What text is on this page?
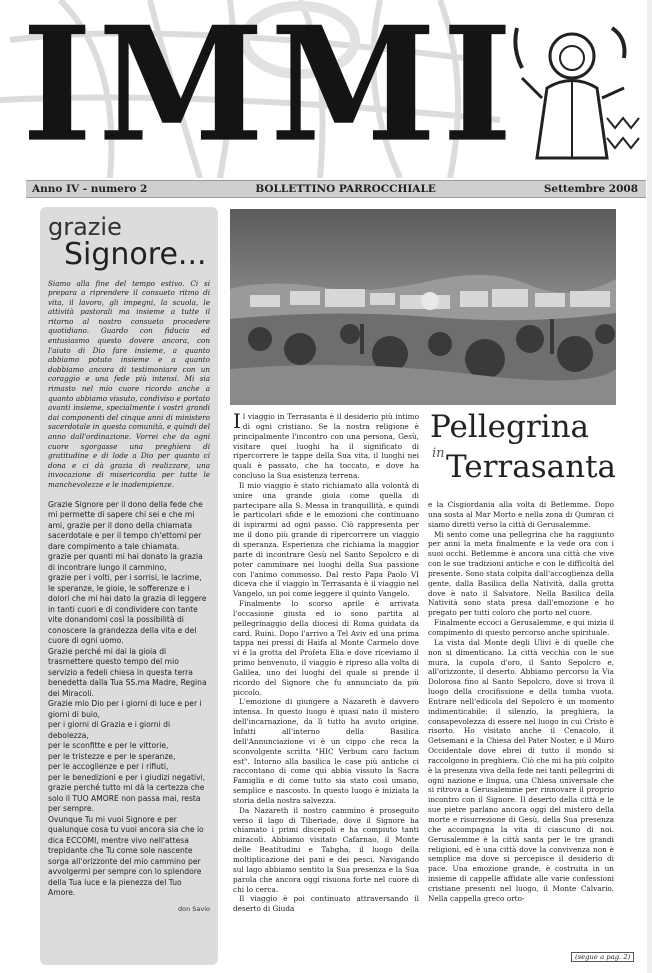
IMMI
Anno IV - numero 2	BOLLETTINO PARROCCHIALE	Settembre 2008
grazie
Signore...
Siamo alla fine del tempo estivo. Ci si prepara a riprendere il consueto ritmo di vita, il lavoro, gli impegni, la scuola, le attività pastorali ma insieme a tutte il ritorno al nostro consueto procedere quotidiano. Guardo con fiducia ed entusiasmo questo dovere ancora, con l'aiuto di Dio fare insieme, a quanto abbiamo potuto insieme e a quanto dobbiamo ancora di testimoniare con un coraggio e una fede più intensi. Mi sia rimasto nel mio cuore ricordo anche a quanto abbiamo vissuto, condiviso e portato avanti insieme, specialmente i vostri grandi dai componenti del cinque anni di ministero sacerdotale in questa comunità, e quindi del anno dall'ordinazione. Vorrei che da ogni cuore sgorgasse una preghiera di gratitudine e di lode a Dio per quanto ci dona e ci dà grazia di realizzare, una invocazione di misericordia per tutte le manchevolezze e le inadempienze.

Grazie Signore per il dono della fede che mi permette di sapere chi sei e che mi ami, grazie per il dono della chiamata sacerdotale e per il tempo ch'ettomi per dare compimento a tale chiamata.

grazie per quanti mi hai donato la grazia di incontrare lungo il cammino,

grazie per i volti, per i sorrisi, le lacrime, le speranze, le gioie, le sofferenze e i dolori che mi hai dato la grazia di leggere in tanti cuori e di condividere con tante vite donandomi così la possibilità di conoscere la grandezza della vita e del cuore di ogni uomo.

Grazie perché mi dai la gioia di trasmettere questo tempo del mio servizio a fedeli chiesa in questa terra benedetta dalla Tua SS.ma Madre, Regina dei Miracoli.

Grazie mio Dio per i giorni di luce e per i giorni di buio,

per i giorni di Grazia e i giorni di debolezza,

per le sconfitte e per le vittorie,

per le tristezze e per le speranze,

per le accoglienze e per i rifiuti,

per le benedizioni e per i giudizi negativi, grazie perché tutto mi dà la certezza che solo il TUO AMORE non passa mai, resta per sempre.

Ovunque Tu mi vuoi Signore e per qualunque cosa tu vuoi ancora sia che io dica ECCOMI, mentre vivo nell'attesa trepidante che Tu come sole nascente sorga all'orizzonte del mio cammino per avvolgermi per sempre con lo splendore della Tua luce e la pienezza del Tuo Amore.

don Savio

Il viaggio in Terrasanta è il desiderio più intimo di ogni cristiano. Se la nostra religione è principalmente l'incontro con una persona, Gesù, visitare quei luoghi ha il significato di ripercorrere le tappe della Sua vita, il luoghi nei quali è passato, che ha toccato, e dove ha concluso la Sua esistenza terrena.

Il mio viaggio è stato richiamato alla volontà di unire una grande gioia come quella di partecipare alla S. Messa in tranquillità, e quindi le particolari sfide e le emozioni che continuano di ispirarmi ad ogni passo. Ciò rappresenta per me il dono più grande di ripercorrere un viaggio di speranza. Esperienza che richiama la maggior parte di incontrare Gesù nel Santo Sepolcro e di poter camminare nei luoghi della Sua passione con l'animo commosso. Dal resto Papa Paolo VI diceva che il viaggio in Terrasanta è il viaggio nel Vangelo, un poi come leggere il quinto Vangelo.

Finalmente lo scorso aprile è arrivata l'occasione giusta ed io sono partita al pellegrinaggio della diocesi di Roma guidata da card. Ruini. Dopo l'arrivo a Tel Aviv ed una prima tappa nei pressi di Haifa al Monte Carmelo dove vi è la grotta del Profeta Elia e dove riceviamo il primo benvenuto, il viaggio è ripreso alla volta di Galilea, uno dei luoghi del quale si prende il ricordo del Signore che fu annunciato da più piccolo.

L'emozione di giungere a Nazareth è davvero intensa. In questo luogo è quasi nato il mistero dell'incarnazione, da lì tutto ha avuto origine. Infatti all'interno della Basilica dell'Annunciazione vi è un cippo che reca la sconvolgente scritta "HIC Verbum caro factum est". Intorno alla basilica le case più antiche ci raccontano di come qui abbia vissuto la Sacra Famiglia e di come tutto sia stato così umano, semplice e nascosto. In questo luogo è iniziata la storia della nostra salvezza.

Da Nazareth il nostro cammino è proseguito verso il lago di Tiberiade, dove il Signore ha chiamato i primi discepoli e ha compiuto tanti miracoli. Abbiamo visitato Cafarnao, il Monte delle Beatitudini e Tabgha, il luogo della moltiplicazione dei pani e dei pesci. Navigando sul lago abbiamo sentito la Sua presenza e la Sua parola che ancora oggi risuona forte nel cuore di chi lo cerca.

Il viaggio è poi continuato attraversando il deserto di Giuda

Pellegrina
in Terrasanta

e la Cisgiordania alla volta di Betlemme. Dopo una sosta al Mar Morto e nella zona di Qumran ci siamo diretti verso la città di Gerusalemme.

Mi sento come una pellegrina che ha raggiunto per anni la meta finalmente e la vede ora con i suoi occhi. Betlemme è ancora una città che vive con le sue tradizioni antiche e con le difficoltà del presente. Sono stata colpita dall'accoglienza della gente, dalla Basilica della Natività, dalla grotta dove è nato il Salvatore. Nella Basilica della Natività sono stata presa dall'emozione e ho pregato per tutti coloro che porto nel cuore.

Finalmente eccoci a Gerusalemme, e qui inizia il compimento di questo percorso anche spirituale.

La vista dal Monte degli Ulivi è di quelle che non si dimenticano. La città vecchia con le sue mura, la cupola d'oro, il Santo Sepolcro e, all'orizzonte, il deserto. Abbiamo percorso la Via Dolorosa fino al Santo Sepolcro, dove si trova il luogo della crocifissione e della tomba vuota. Entrare nell'edicola del Sepolcro è un momento indimenticabile: il silenzio, la preghiera, la consapevolezza di essere nel luogo in cui Cristo è risorto. Ho visitato anche il Cenacolo, il Getsemani e la Chiesa del Pater Noster, e il Muro Occidentale dove ebrei di tutto il mondo si raccolgono in preghiera. Ciò che mi ha più colpito è la presenza viva della fede nei tanti pellegrini di ogni nazione e lingua, una Chiesa universale che si ritrova a Gerusalemme per rinnovare il proprio incontro con il Signore. Il deserto della città e le sue pietre parlano ancora oggi del mistero della morte e risurrezione di Gesù, della Sua presenza che accompagna la vita di ciascuno di noi. Gerusalemme è la città santa per le tre grandi religioni, ed è una città dove la convivenza non è semplice ma dove si percepisce il desiderio di pace. Una emozione grande, è costruita in un insieme di cappelle affidate alle varie confessioni cristiane presenti nel luogo, il Monte Calvario. Nella cappella greco orto-

(segue a pag. 2)
